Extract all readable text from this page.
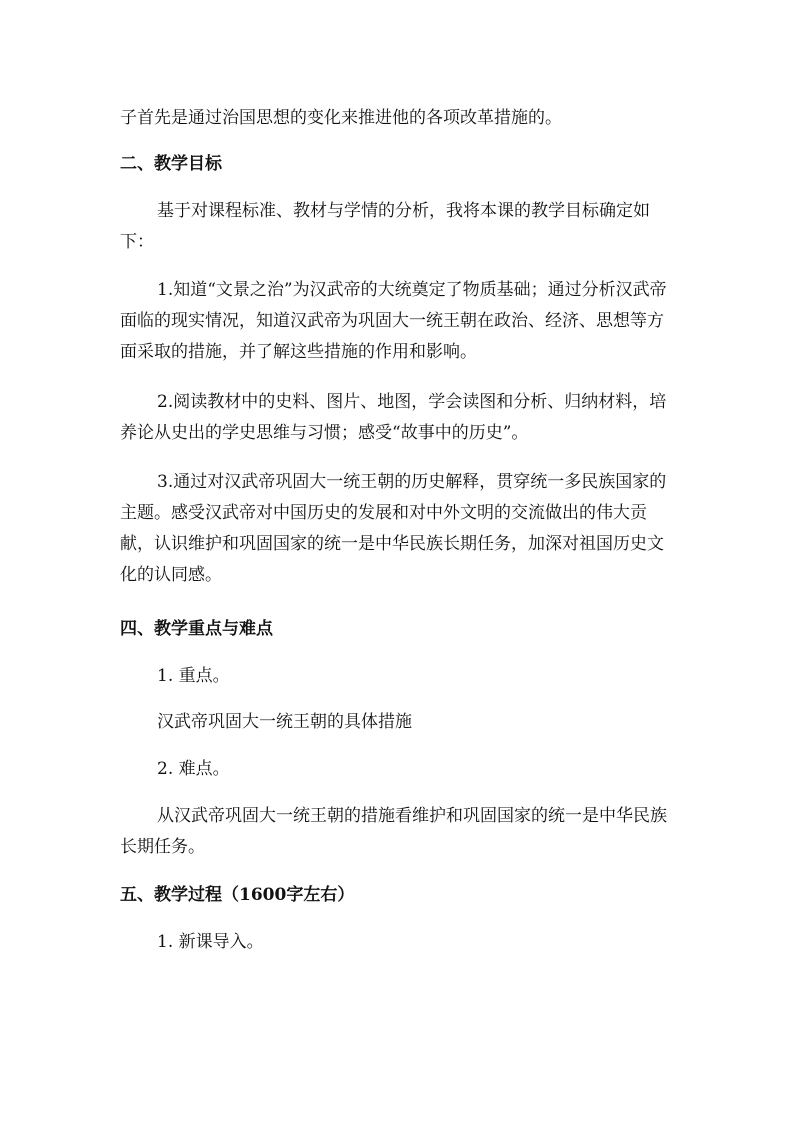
子首先是通过治国思想的变化来推进他的各项改革措施的。

二、教学目标

基于对课程标准、教材与学情的分析，我将本课的教学目标确定如下：

1.知道“文景之治”为汉武帝的大统奠定了物质基础；通过分析汉武帝面临的现实情况，知道汉武帝为巩固大一统王朝在政治、经济、思想等方面采取的措施，并了解这些措施的作用和影响。

2.阅读教材中的史料、图片、地图，学会读图和分析、归纳材料，培养论从史出的学史思维与习惯；感受“故事中的历史”。

3.通过对汉武帝巩固大一统王朝的历史解释，贯穿统一多民族国家的主题。感受汉武帝对中国历史的发展和对中外文明的交流做出的伟大贡献，认识维护和巩固国家的统一是中华民族长期任务，加深对祖国历史文化的认同感。

四、教学重点与难点

1. 重点。

汉武帝巩固大一统王朝的具体措施

2. 难点。

从汉武帝巩固大一统王朝的措施看维护和巩固国家的统一是中华民族长期任务。

五、教学过程（1600字左右）

1. 新课导入。
